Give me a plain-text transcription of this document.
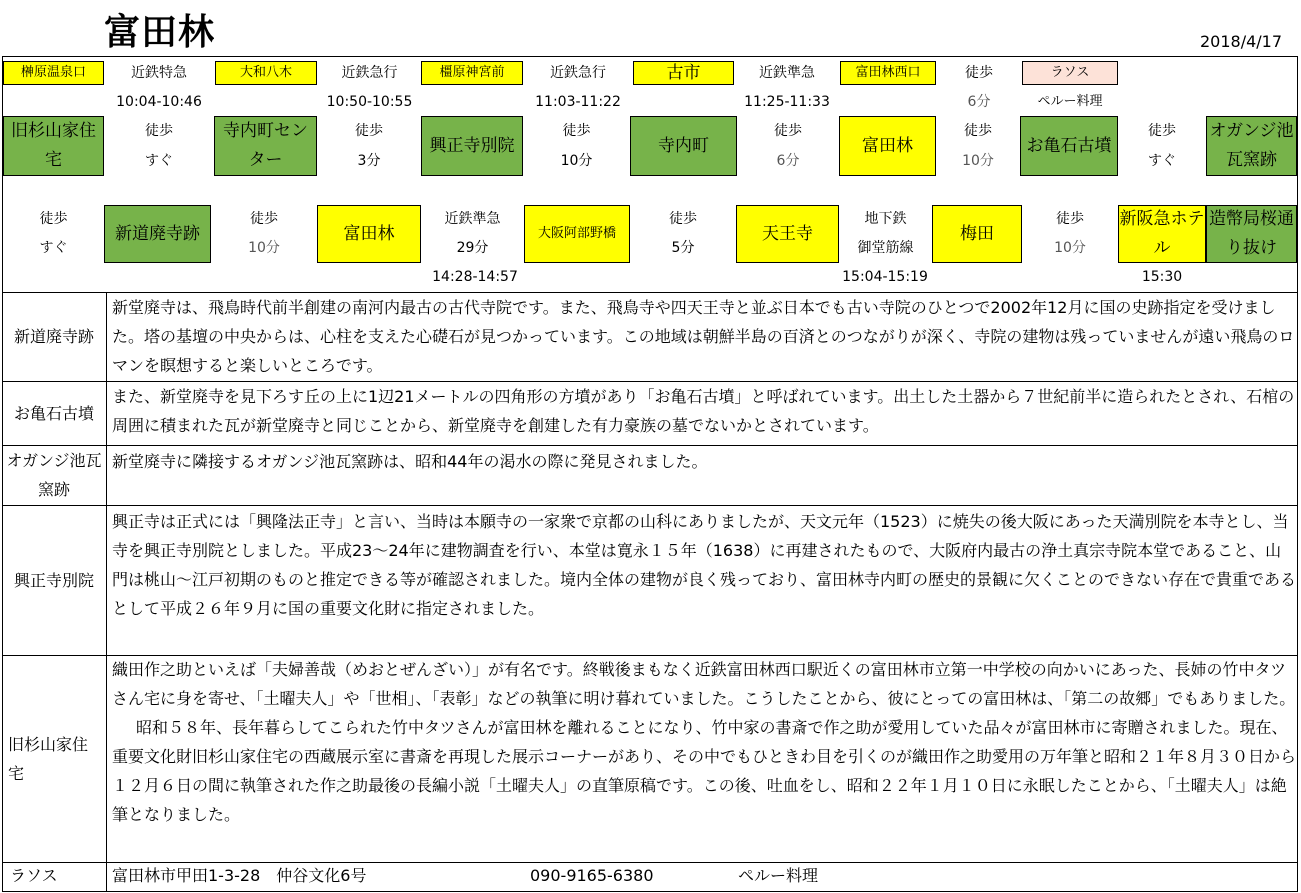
富田林	2018/4/17
榊原温泉口	近鉄特急
10:04-10:46
大和八木	近鉄急行
10:50-10:55
橿原神宮前	近鉄急行
11:03-11:22
古市	近鉄準急
11:25-11:33
富田林西口	徒歩
6分
ラソス
ペルー料理
旧杉山家住宅
徒歩
すぐ
寺内町センター
徒歩
3分
興正寺別院
徒歩
10分
寺内町
徒歩
6分
富田林
徒歩
10分
お亀石古墳
徒歩
すぐ
オガンジ池瓦窯跡
徒歩
すぐ
新道廃寺跡
徒歩
10分
富田林
近鉄準急
29分
大阪阿部野橋
徒歩
5分
天王寺
地下鉄
御堂筋線
梅田
徒歩
10分
新阪急ホテル
造幣局桜通り抜け
14:28-14:57	15:04-15:19	15:30
新道廃寺跡

新堂廃寺は、飛鳥時代前半創建の南河内最古の古代寺院です。また、飛鳥寺や四天王寺と並ぶ日本でも古い寺院のひとつで2002年12月に国の史跡指定を受けました。塔の基壇の中央からは、心柱を支えた心礎石が見つかっています。この地域は朝鮮半島の百済とのつながりが深く、寺院の建物は残っていませんが遠い飛鳥のロマンを瞑想すると楽しいところです。

お亀石古墳

また、新堂廃寺を見下ろす丘の上に1辺21メートルの四角形の方墳があり「お亀石古墳」と呼ばれています。出土した土器から７世紀前半に造られたとされ、石棺の周囲に積まれた瓦が新堂廃寺と同じことから、新堂廃寺を創建した有力豪族の墓でないかとされています。

オガンジ池瓦窯跡

新堂廃寺に隣接するオガンジ池瓦窯跡は、昭和44年の渇水の際に発見されました。

興正寺別院

興正寺は正式には「興隆法正寺」と言い、当時は本願寺の一家衆で京都の山科にありましたが、天文元年（1523）に焼失の後大阪にあった天満別院を本寺とし、当寺を興正寺別院としました。平成23～24年に建物調査を行い、本堂は寛永１５年（1638）に再建されたもので、大阪府内最古の浄土真宗寺院本堂であること、山門は桃山～江戸初期のものと推定できる等が確認されました。境内全体の建物が良く残っており、富田林寺内町の歴史的景観に欠くことのできない存在で貴重であるとして平成２６年９月に国の重要文化財に指定されました。

旧杉山家住宅

織田作之助といえば「夫婦善哉（めおとぜんざい）」が有名です。終戦後まもなく近鉄富田林西口駅近くの富田林市立第一中学校の向かいにあった、長姉の竹中タツさん宅に身を寄せ、「土曜夫人」や「世相」、「表彰」などの執筆に明け暮れていました。こうしたことから、彼にとっての富田林は、「第二の故郷」でもありました。

昭和５８年、長年暮らしてこられた竹中タツさんが富田林を離れることになり、竹中家の書斎で作之助が愛用していた品々が富田林市に寄贈されました。現在、重要文化財旧杉山家住宅の西蔵展示室に書斎を再現した展示コーナーがあり、その中でもひときわ目を引くのが織田作之助愛用の万年筆と昭和２１年８月３０日から１２月６日の間に執筆された作之助最後の長編小説「土曜夫人」の直筆原稿です。この後、吐血をし、昭和２２年１月１０日に永眠したことから、「土曜夫人」は絶筆となりました。

ラソス	富田林市甲田1-3-28　仲谷文化6号	090-9165-6380	ペルー料理
